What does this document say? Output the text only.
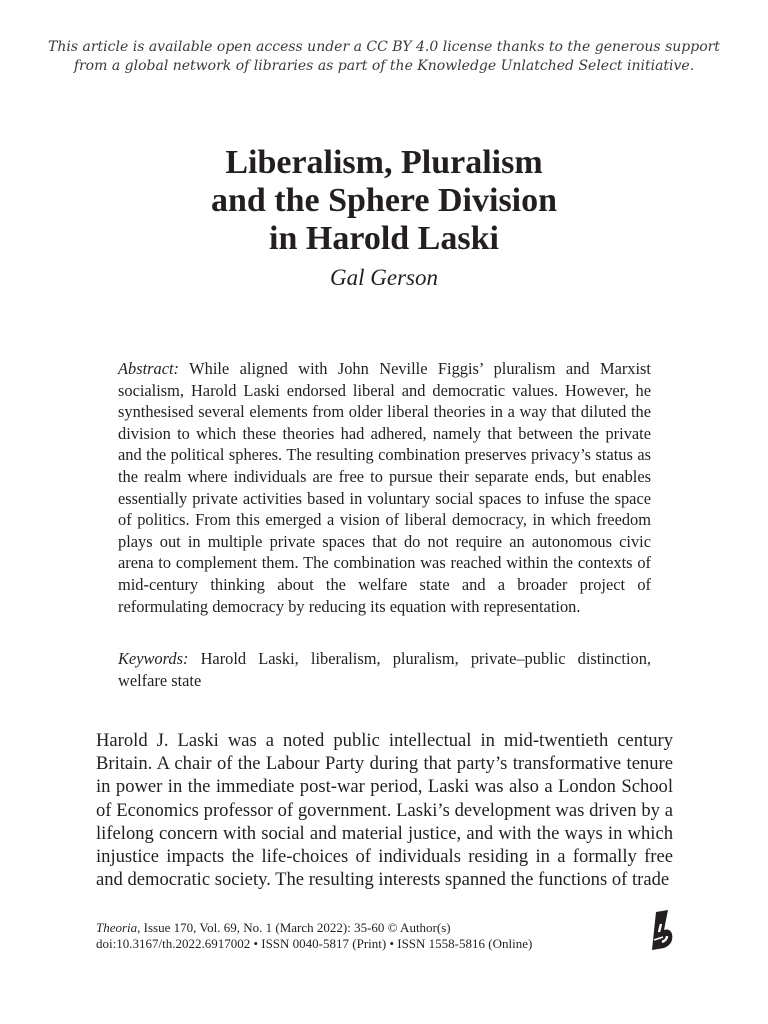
This article is available open access under a CC BY 4.0 license thanks to the generous support
from a global network of libraries as part of the Knowledge Unlatched Select initiative.
Liberalism, Pluralism
and the Sphere Division
in Harold Laski
Gal Gerson

Abstract: While aligned with John Neville Figgis’ pluralism and Marxist socialism, Harold Laski endorsed liberal and democratic values. However, he synthesised several elements from older liberal theories in a way that diluted the division to which these theories had adhered, namely that between the private and the political spheres. The resulting combination preserves privacy’s status as the realm where individuals are free to pursue their separate ends, but enables essentially private activities based in voluntary social spaces to infuse the space of politics. From this emerged a vision of liberal democracy, in which freedom plays out in multiple private spaces that do not require an autonomous civic arena to complement them. The combination was reached within the contexts of mid-century thinking about the welfare state and a broader project of reformulating democracy by reducing its equation with representation.

Keywords: Harold Laski, liberalism, pluralism, private–public distinction, welfare state

Harold J. Laski was a noted public intellectual in mid-twentieth century Britain. A chair of the Labour Party during that party’s transformative tenure in power in the immediate post-war period, Laski was also a London School of Economics professor of government. Laski’s development was driven by a lifelong concern with social and material justice, and with the ways in which injustice impacts the life-choices of individuals residing in a formally free and democratic society. The resulting interests spanned the functions of trade

Theoria, Issue 170, Vol. 69, No. 1 (March 2022): 35-60 © Author(s)
doi:10.3167/th.2022.6917002 • ISSN 0040-5817 (Print) • ISSN 1558-5816 (Online)
